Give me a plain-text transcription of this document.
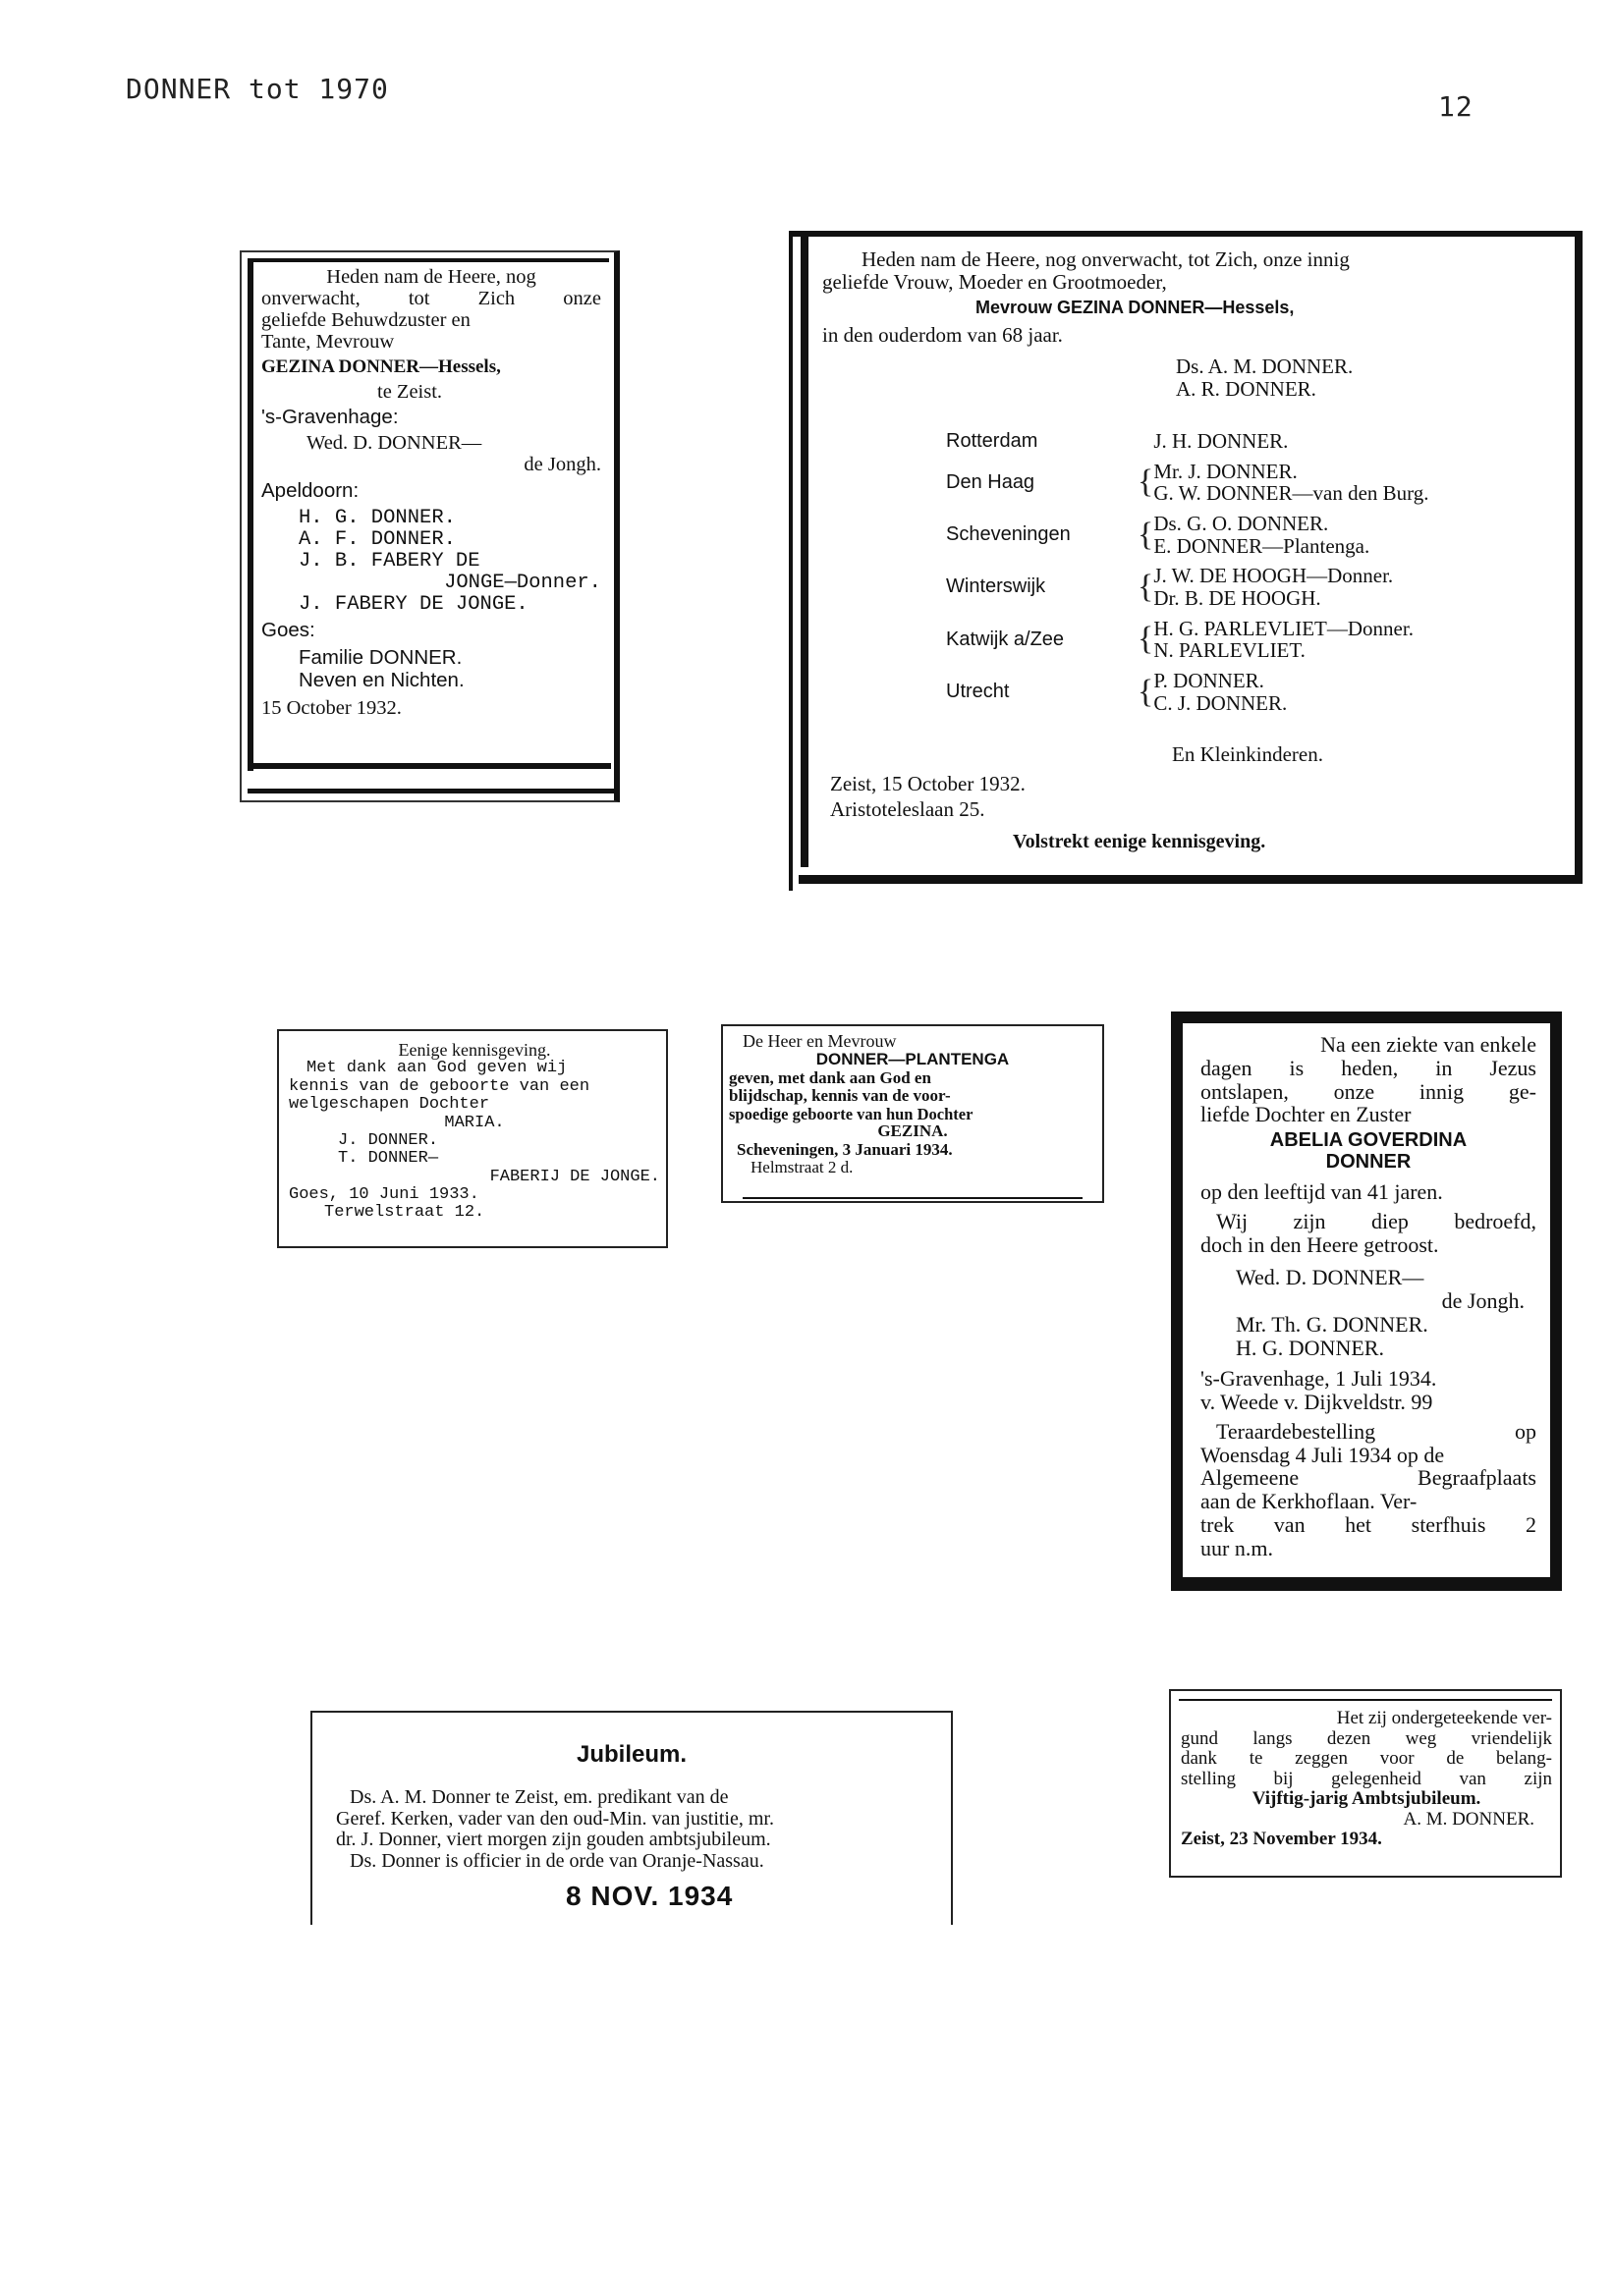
DONNER tot 1970
12
Heden nam de Heere, nog
onverwacht, tot Zich onze
geliefde Behuwdzuster en
Tante, Mevrouw
GEZINA DONNER—Hessels,
te Zeist.
's-Gravenhage:
Wed. D. DONNER—
de Jongh.
Apeldoorn:
H. G. DONNER.
A. F. DONNER.
J. B. FABERY DE
JONGE—Donner.
J. FABERY DE JONGE.
Goes:
Familie DONNER.
Neven en Nichten.
15 October 1932.
Heden nam de Heere, nog onverwacht, tot Zich, onze innig
geliefde Vrouw, Moeder en Grootmoeder,
Mevrouw GEZINA DONNER—Hessels,
in den ouderdom van 68 jaar.
Ds. A. M. DONNER.
A. R. DONNER.
Rotterdam		J. H. DONNER.

Den Haag	{	Mr. J. DONNER.
G. W. DONNER—van den Burg.

Scheveningen	{	Ds. G. O. DONNER.
E. DONNER—Plantenga.

Winterswijk	{	J. W. DE HOOGH—Donner.
Dr. B. DE HOOGH.

Katwijk a/Zee	{	H. G. PARLEVLIET—Donner.
N. PARLEVLIET.

Utrecht	{	P. DONNER.
C. J. DONNER.
En Kleinkinderen.
Zeist, 15 October 1932.
Aristoteleslaan 25.
Volstrekt eenige kennisgeving.
Eenige kennisgeving.
Met dank aan God geven wij
kennis van de geboorte van een
welgeschapen Dochter
MARIA.
J. DONNER.
T. DONNER—
FABERIJ DE JONGE.
Goes, 10 Juni 1933.
Terwelstraat 12.
De Heer en Mevrouw
DONNER—PLANTENGA
geven, met dank aan God en
blijdschap, kennis van de voor-
spoedige geboorte van hun Dochter
GEZINA.
Scheveningen, 3 Januari 1934.
Helmstraat 2 d.
Na een ziekte van enkele
dagen is heden, in Jezus
ontslapen, onze innig ge-
liefde Dochter en Zuster
ABELIA GOVERDINA
DONNER
op den leeftijd van 41 jaren.
Wij zijn diep bedroefd,
doch in den Heere getroost.
Wed. D. DONNER—
de Jongh.
Mr. Th. G. DONNER.
H. G. DONNER.
's-Gravenhage, 1 Juli 1934.
v. Weede v. Dijkveldstr. 99
Teraardebestelling op
Woensdag 4 Juli 1934 op de
Algemeene Begraafplaats
aan de Kerkhoflaan. Ver-
trek van het sterfhuis 2
uur n.m.
Jubileum.
Ds. A. M. Donner te Zeist, em. predikant van de
Geref. Kerken, vader van den oud-Min. van justitie, mr.
dr. J. Donner, viert morgen zijn gouden ambtsjubileum.
Ds. Donner is officier in de orde van Oranje-Nassau.
8 NOV. 1934
Het zij ondergeteekende ver-
gund langs dezen weg vriendelijk
dank te zeggen voor de belang-
stelling bij gelegenheid van zijn
Vijftig-jarig Ambtsjubileum.
A. M. DONNER.
Zeist, 23 November 1934.
